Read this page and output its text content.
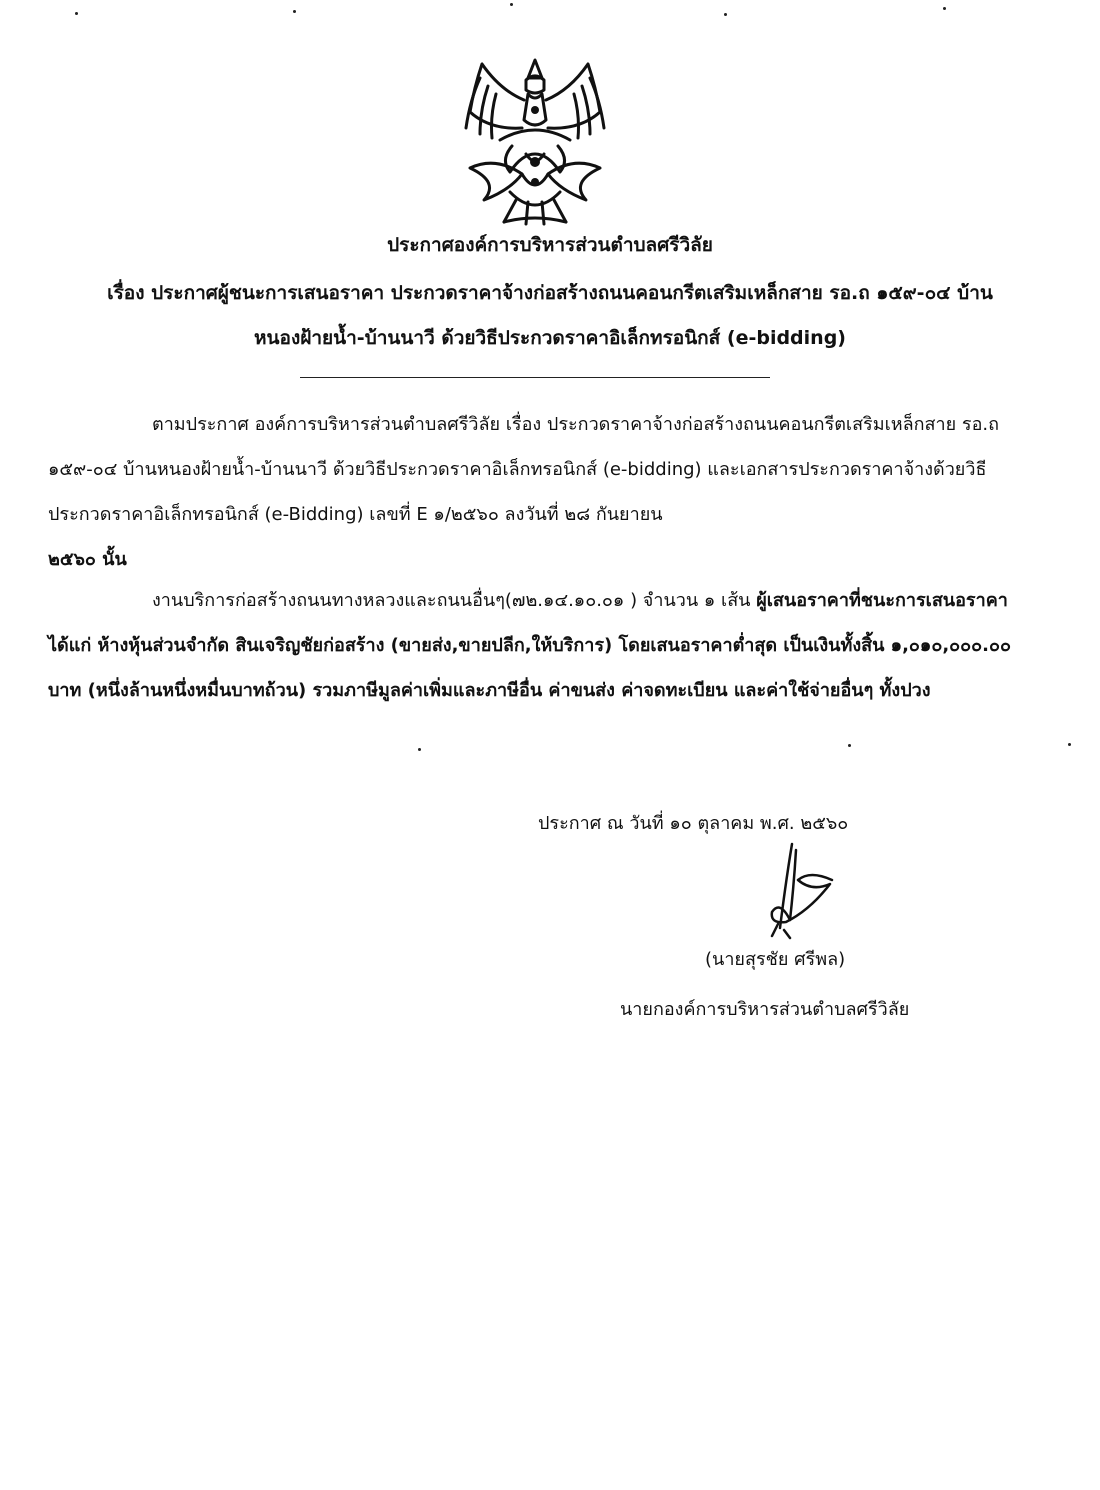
ประกาศองค์การบริหารส่วนตำบลศรีวิลัย
เรื่อง ประกาศผู้ชนะการเสนอราคา ประกวดราคาจ้างก่อสร้างถนนคอนกรีตเสริมเหล็กสาย รอ.ถ ๑๕๙-๐๔ บ้าน
หนองฝ้ายน้ำ-บ้านนาวี ด้วยวิธีประกวดราคาอิเล็กทรอนิกส์ (e-bidding)

ตามประกาศ องค์การบริหารส่วนตำบลศรีวิลัย เรื่อง ประกวดราคาจ้างก่อสร้างถนนคอนกรีตเสริมเหล็กสาย รอ.ถ ๑๕๙-๐๔ บ้านหนองฝ้ายน้ำ-บ้านนาวี ด้วยวิธีประกวดราคาอิเล็กทรอนิกส์ (e-bidding) และเอกสารประกวดราคาจ้างด้วยวิธีประกวดราคาอิเล็กทรอนิกส์ (e-Bidding) เลขที่ E ๑/๒๕๖๐ ลงวันที่ ๒๘ กันยายน
๒๕๖๐ นั้น

งานบริการก่อสร้างถนนทางหลวงและถนนอื่นๆ(๗๒.๑๔.๑๐.๐๑ ) จำนวน ๑ เส้น ผู้เสนอราคาที่ชนะการเสนอราคา ได้แก่ ห้างหุ้นส่วนจำกัด สินเจริญชัยก่อสร้าง (ขายส่ง,ขายปลีก,ให้บริการ) โดยเสนอราคาต่ำสุด เป็นเงินทั้งสิ้น ๑,๐๑๐,๐๐๐.๐๐ บาท (หนึ่งล้านหนึ่งหมื่นบาทถ้วน) รวมภาษีมูลค่าเพิ่มและภาษีอื่น ค่าขนส่ง ค่าจดทะเบียน และค่าใช้จ่ายอื่นๆ ทั้งปวง

ประกาศ ณ วันที่ ๑๐ ตุลาคม พ.ศ. ๒๕๖๐
(นายสุรชัย ศรีพล)
นายกองค์การบริหารส่วนตำบลศรีวิลัย
